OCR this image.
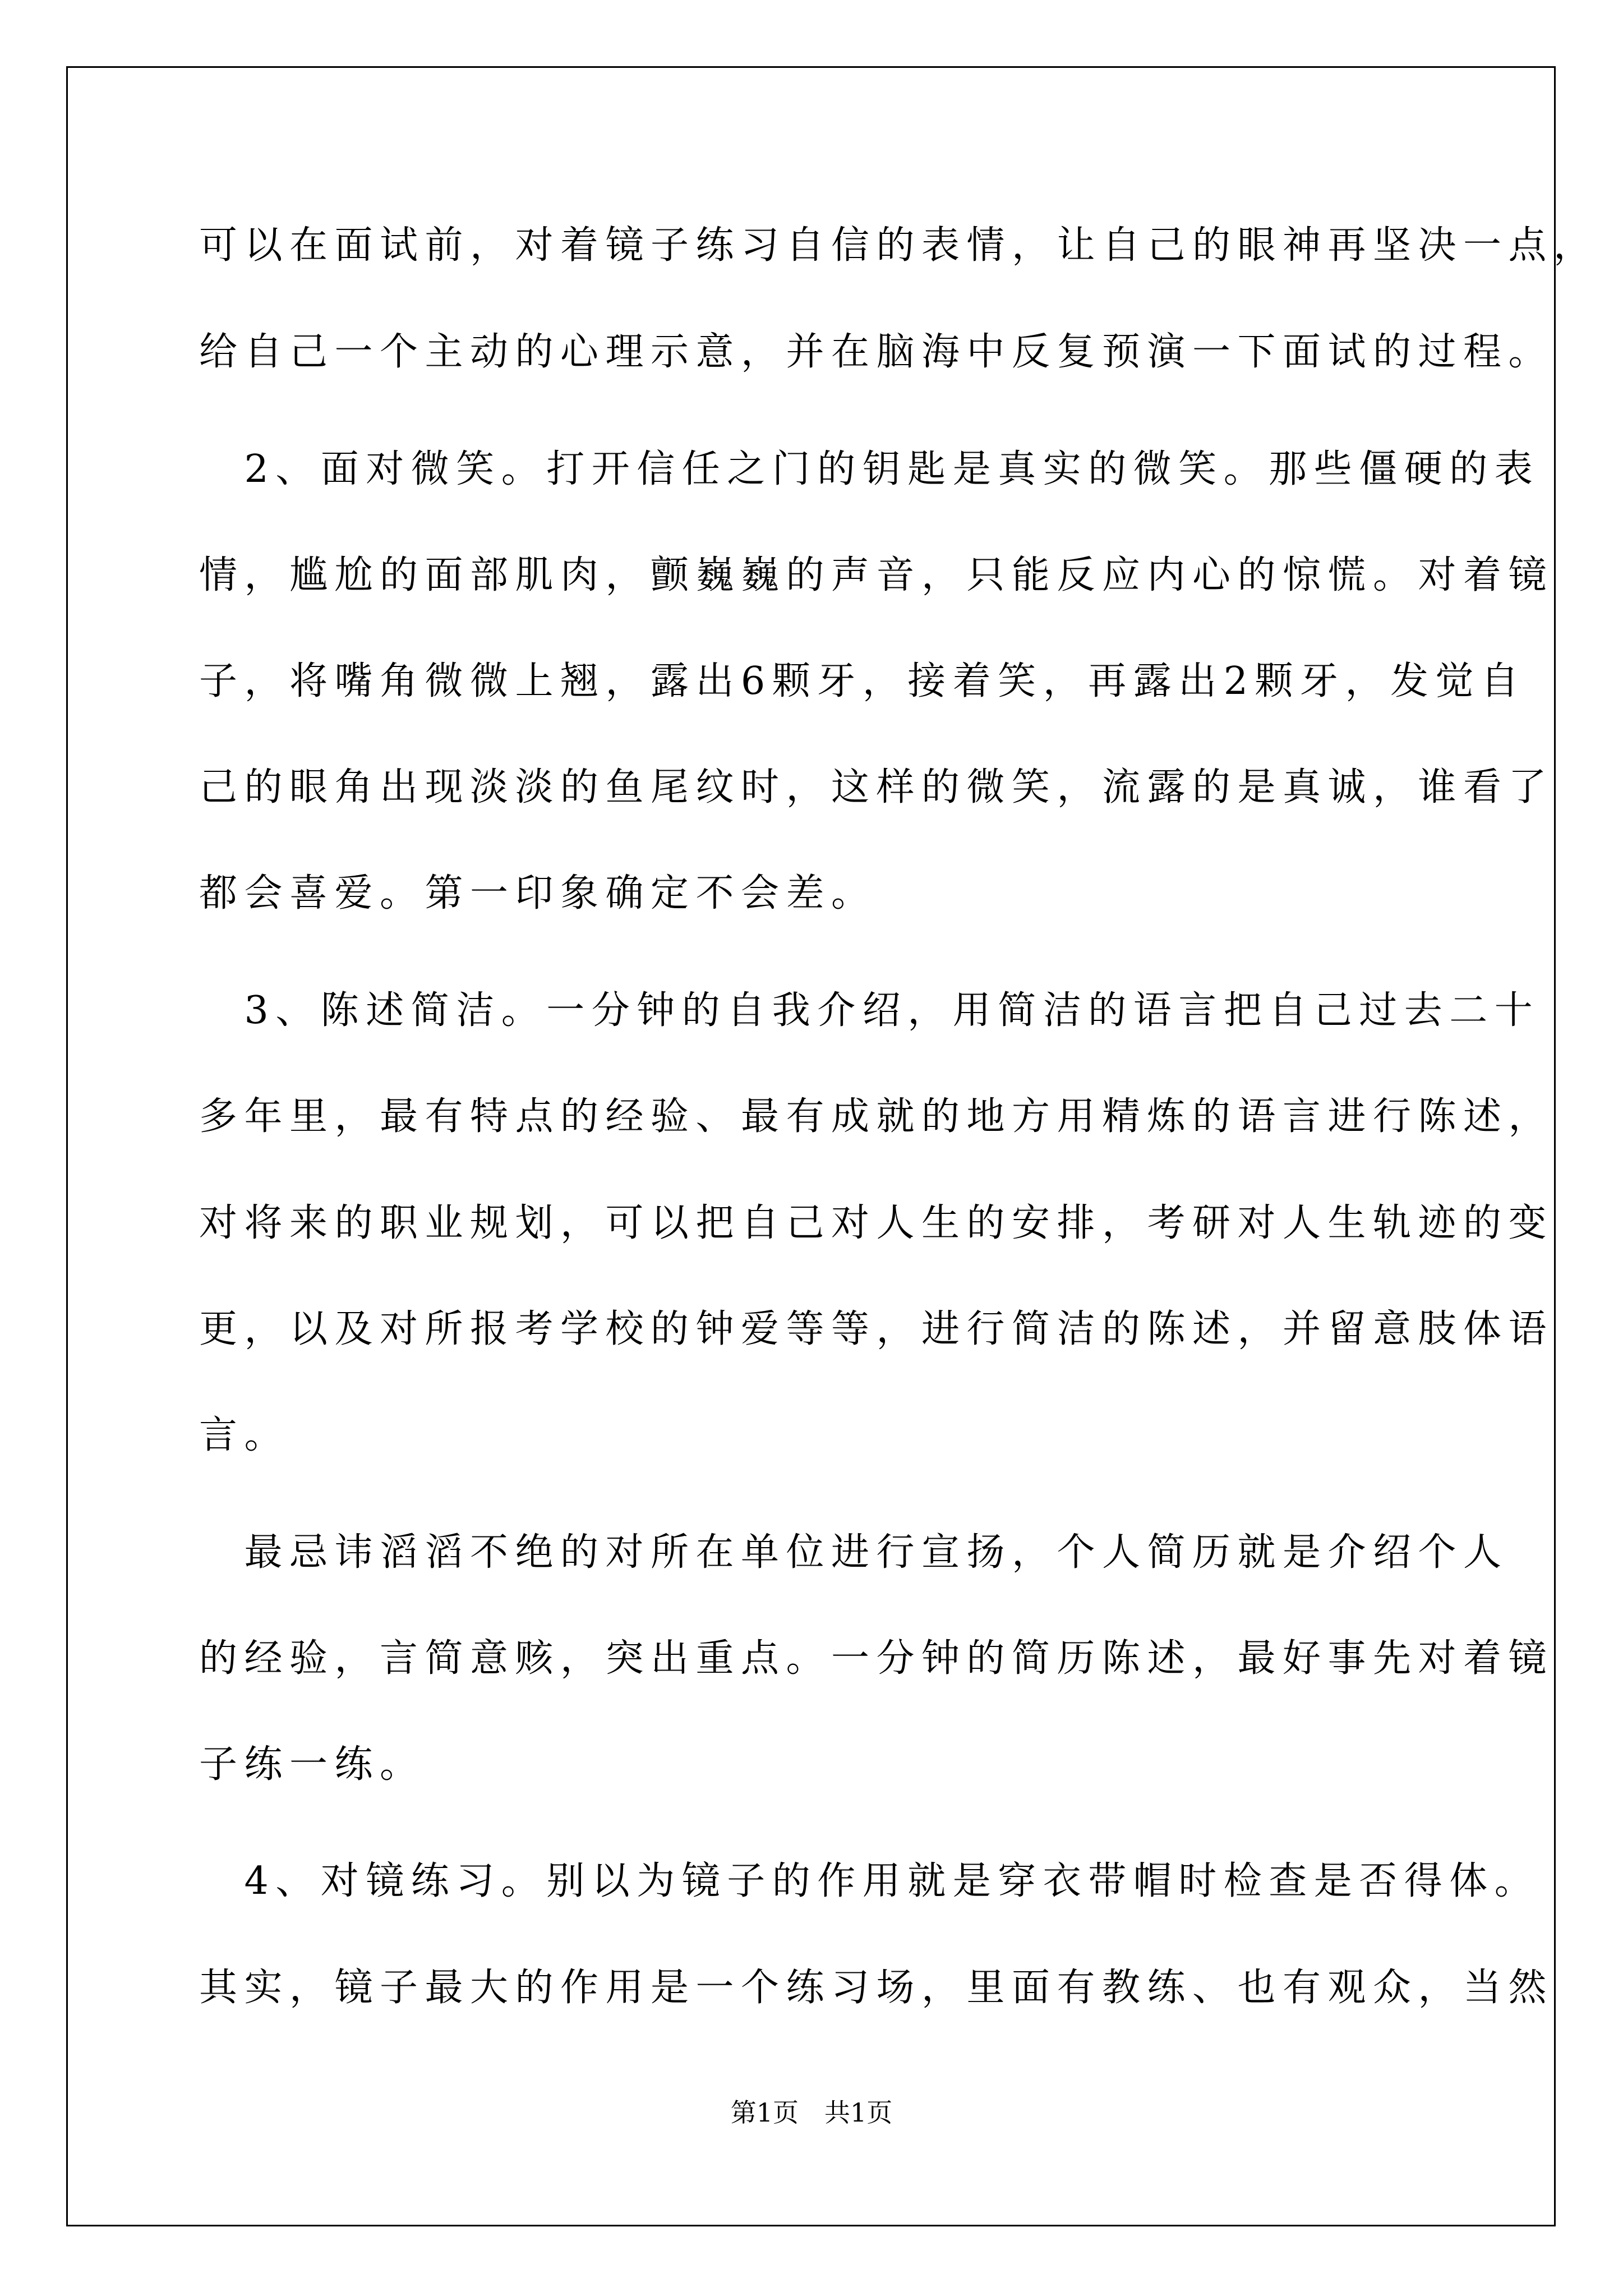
可以在面试前，对着镜子练习自信的表情，让自己的眼神再坚决一点，
给自己一个主动的心理示意，并在脑海中反复预演一下面试的过程。
　2、面对微笑。打开信任之门的钥匙是真实的微笑。那些僵硬的表
情，尴尬的面部肌肉，颤巍巍的声音，只能反应内心的惊慌。对着镜
子，将嘴角微微上翘，露出6颗牙，接着笑，再露出2颗牙，发觉自
己的眼角出现淡淡的鱼尾纹时，这样的微笑，流露的是真诚，谁看了
都会喜爱。第一印象确定不会差。
　3、陈述简洁。一分钟的自我介绍，用简洁的语言把自己过去二十
多年里，最有特点的经验、最有成就的地方用精炼的语言进行陈述，
对将来的职业规划，可以把自己对人生的安排，考研对人生轨迹的变
更，以及对所报考学校的钟爱等等，进行简洁的陈述，并留意肢体语
言。
　最忌讳滔滔不绝的对所在单位进行宣扬，个人简历就是介绍个人
的经验，言简意赅，突出重点。一分钟的简历陈述，最好事先对着镜
子练一练。
　4、对镜练习。别以为镜子的作用就是穿衣带帽时检查是否得体。
其实，镜子最大的作用是一个练习场，里面有教练、也有观众，当然
第1页　共1页
